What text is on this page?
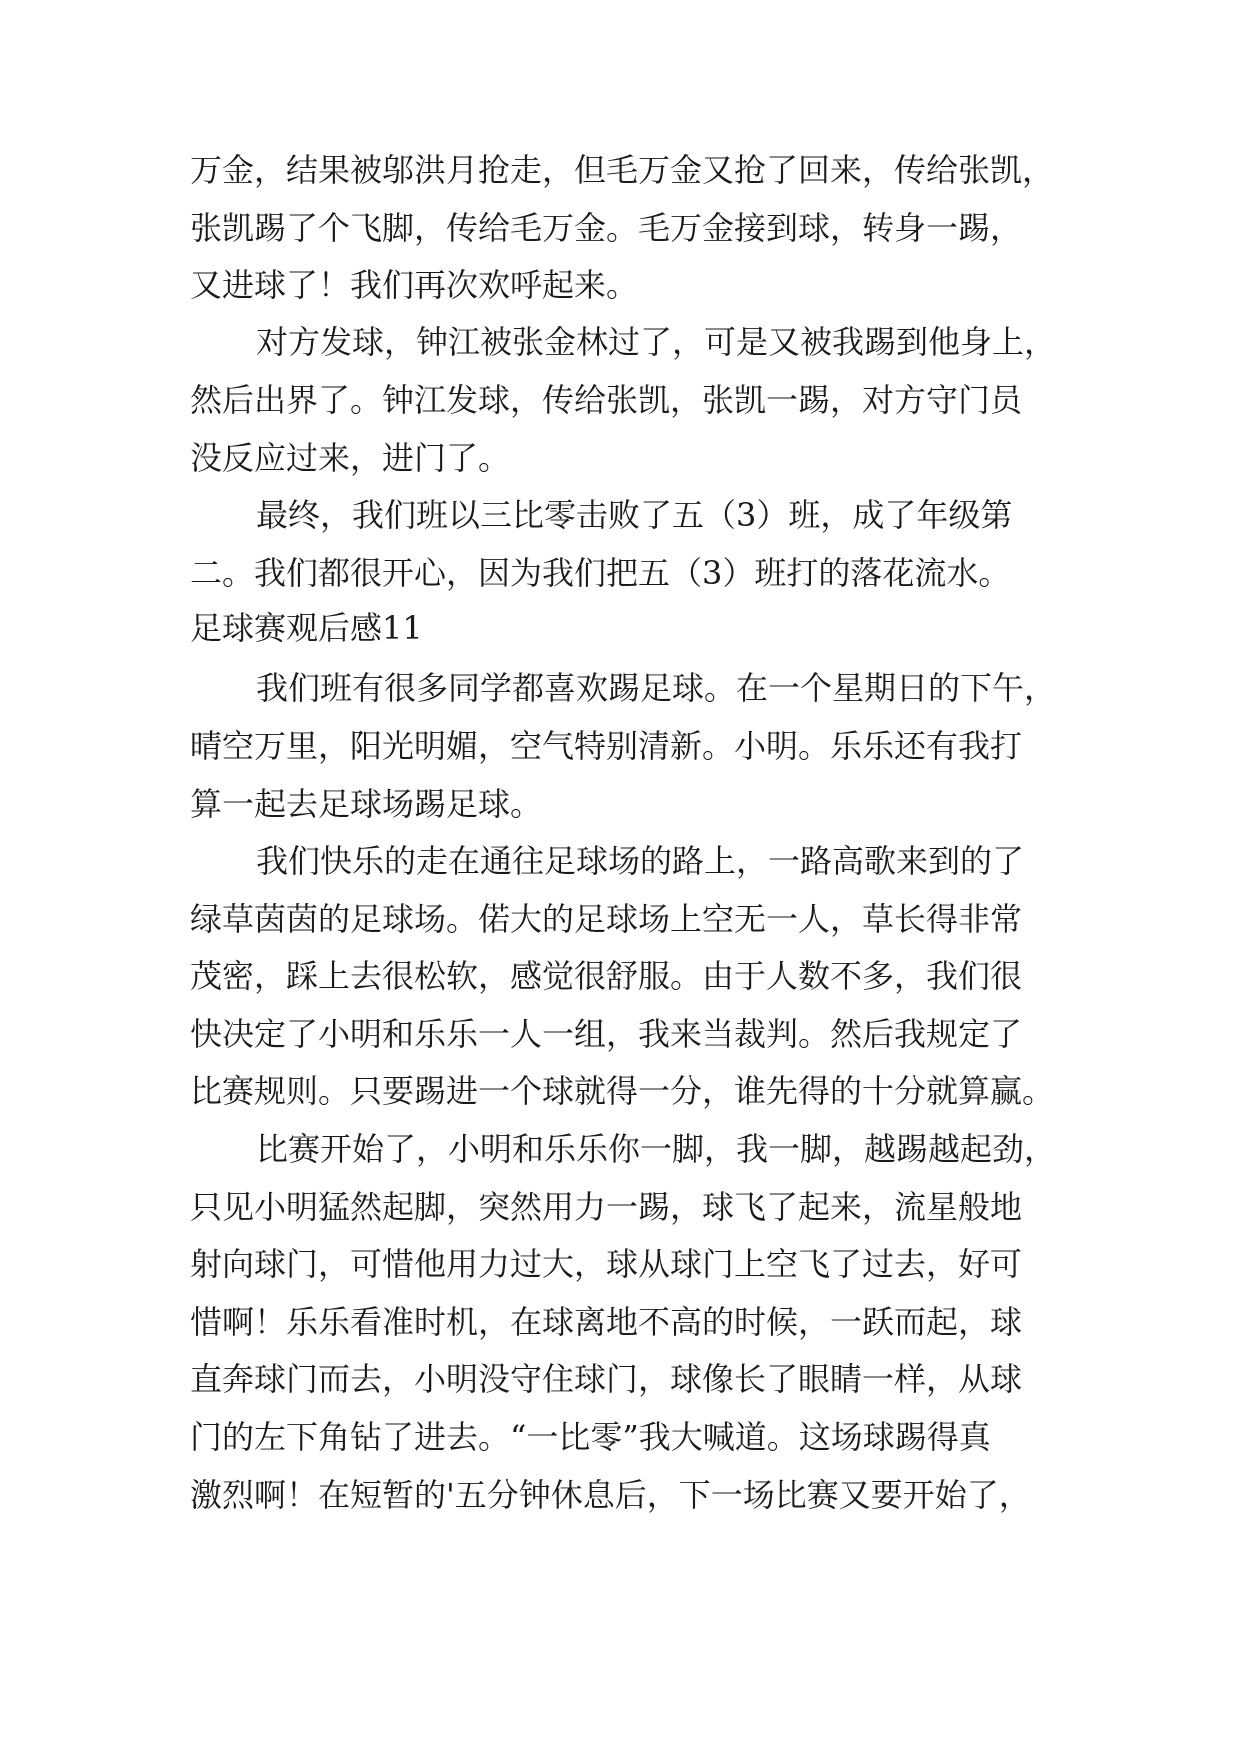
万金，结果被邬洪月抢走，但毛万金又抢了回来，传给张凯，

张凯踢了个飞脚，传给毛万金。毛万金接到球，转身一踢，

又进球了！我们再次欢呼起来。

对方发球，钟江被张金林过了，可是又被我踢到他身上，

然后出界了。钟江发球，传给张凯，张凯一踢，对方守门员

没反应过来，进门了。

最终，我们班以三比零击败了五（3）班，成了年级第

二。我们都很开心，因为我们把五（3）班打的落花流水。

足球赛观后感11

我们班有很多同学都喜欢踢足球。在一个星期日的下午，

晴空万里，阳光明媚，空气特别清新。小明。乐乐还有我打

算一起去足球场踢足球。

我们快乐的走在通往足球场的路上，一路高歌来到的了

绿草茵茵的足球场。偌大的足球场上空无一人，草长得非常

茂密，踩上去很松软，感觉很舒服。由于人数不多，我们很

快决定了小明和乐乐一人一组，我来当裁判。然后我规定了

比赛规则。只要踢进一个球就得一分，谁先得的十分就算赢。

比赛开始了，小明和乐乐你一脚，我一脚，越踢越起劲，

只见小明猛然起脚，突然用力一踢，球飞了起来，流星般地

射向球门，可惜他用力过大，球从球门上空飞了过去，好可

惜啊！乐乐看准时机，在球离地不高的时候，一跃而起，球

直奔球门而去，小明没守住球门，球像长了眼睛一样，从球

门的左下角钻了进去。“一比零”我大喊道。这场球踢得真

激烈啊！在短暂的'五分钟休息后，下一场比赛又要开始了，
